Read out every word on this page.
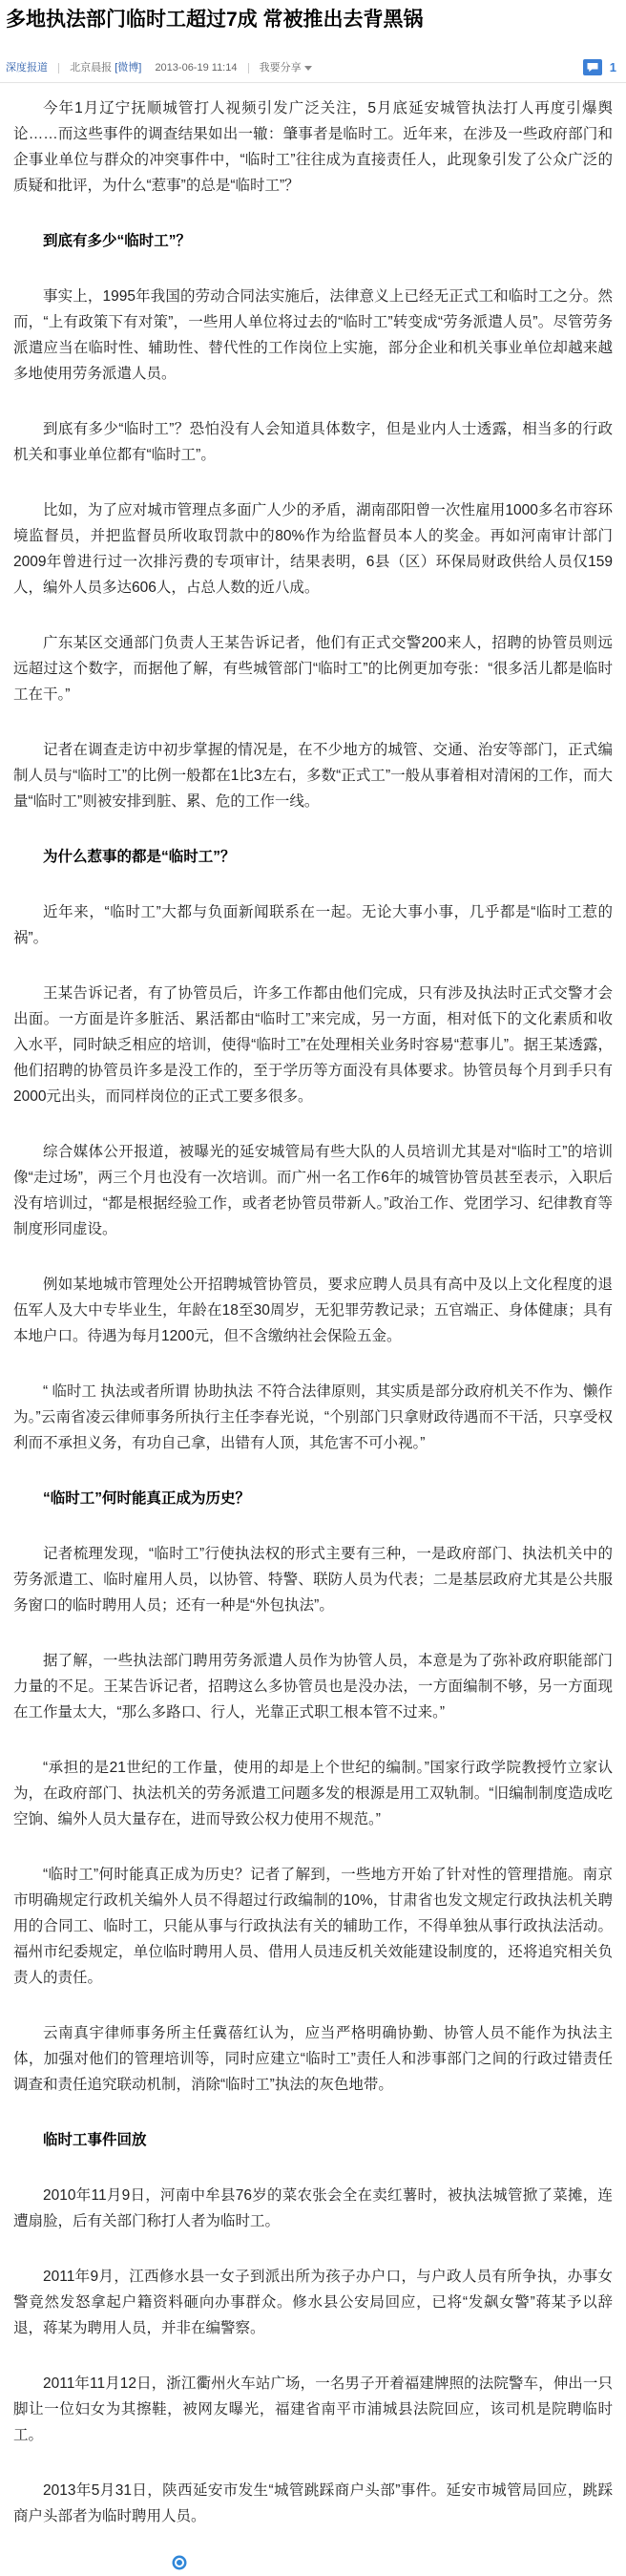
多地执法部门临时工超过7成 常被推出去背黑锅
深度报道 北京晨报 [微博] 2013-06-19 11:14 我要分享	1

今年1月辽宁抚顺城管打人视频引发广泛关注，5月底延安城管执法打人再度引爆舆论……而这些事件的调查结果如出一辙：肇事者是临时工。近年来，在涉及一些政府部门和企事业单位与群众的冲突事件中，“临时工”往往成为直接责任人，此现象引发了公众广泛的质疑和批评，为什么“惹事”的总是“临时工”？

到底有多少“临时工”？

事实上，1995年我国的劳动合同法实施后，法律意义上已经无正式工和临时工之分。然而，“上有政策下有对策”，一些用人单位将过去的“临时工”转变成“劳务派遣人员”。尽管劳务派遣应当在临时性、辅助性、替代性的工作岗位上实施，部分企业和机关事业单位却越来越多地使用劳务派遣人员。

到底有多少“临时工”？恐怕没有人会知道具体数字，但是业内人士透露，相当多的行政机关和事业单位都有“临时工”。

比如，为了应对城市管理点多面广人少的矛盾，湖南邵阳曾一次性雇用1000多名市容环境监督员，并把监督员所收取罚款中的80%作为给监督员本人的奖金。再如河南审计部门2009年曾进行过一次排污费的专项审计，结果表明，6县（区）环保局财政供给人员仅159人，编外人员多达606人，占总人数的近八成。

广东某区交通部门负责人王某告诉记者，他们有正式交警200来人，招聘的协管员则远远超过这个数字，而据他了解，有些城管部门“临时工”的比例更加夸张：“很多活儿都是临时工在干。”

记者在调查走访中初步掌握的情况是，在不少地方的城管、交通、治安等部门，正式编制人员与“临时工”的比例一般都在1比3左右，多数“正式工”一般从事着相对清闲的工作，而大量“临时工”则被安排到脏、累、危的工作一线。

为什么惹事的都是“临时工”？

近年来，“临时工”大都与负面新闻联系在一起。无论大事小事，几乎都是“临时工惹的祸”。

王某告诉记者，有了协管员后，许多工作都由他们完成，只有涉及执法时正式交警才会出面。一方面是许多脏活、累活都由“临时工”来完成，另一方面，相对低下的文化素质和收入水平，同时缺乏相应的培训，使得“临时工”在处理相关业务时容易“惹事儿”。据王某透露，他们招聘的协管员许多是没工作的，至于学历等方面没有具体要求。协管员每个月到手只有2000元出头，而同样岗位的正式工要多很多。

综合媒体公开报道，被曝光的延安城管局有些大队的人员培训尤其是对“临时工”的培训像“走过场”，两三个月也没有一次培训。而广州一名工作6年的城管协管员甚至表示，入职后没有培训过，“都是根据经验工作，或者老协管员带新人。”政治工作、党团学习、纪律教育等制度形同虚设。

例如某地城市管理处公开招聘城管协管员，要求应聘人员具有高中及以上文化程度的退伍军人及大中专毕业生，年龄在18至30周岁，无犯罪劳教记录；五官端正、身体健康；具有本地户口。待遇为每月1200元，但不含缴纳社会保险五金。

“ 临时工 执法或者所谓 协助执法 不符合法律原则，其实质是部分政府机关不作为、懒作为。”云南省凌云律师事务所执行主任李春光说，“个别部门只拿财政待遇而不干活，只享受权利而不承担义务，有功自己拿，出错有人顶，其危害不可小视。”

“临时工”何时能真正成为历史？

记者梳理发现，“临时工”行使执法权的形式主要有三种，一是政府部门、执法机关中的劳务派遣工、临时雇用人员，以协管、特警、联防人员为代表；二是基层政府尤其是公共服务窗口的临时聘用人员；还有一种是“外包执法”。

据了解，一些执法部门聘用劳务派遣人员作为协管人员，本意是为了弥补政府职能部门力量的不足。王某告诉记者，招聘这么多协管员也是没办法，一方面编制不够，另一方面现在工作量太大，“那么多路口、行人，光靠正式职工根本管不过来。”

“承担的是21世纪的工作量，使用的却是上个世纪的编制。”国家行政学院教授竹立家认为，在政府部门、执法机关的劳务派遣工问题多发的根源是用工双轨制。“旧编制制度造成吃空饷、编外人员大量存在，进而导致公权力使用不规范。”

“临时工”何时能真正成为历史？记者了解到，一些地方开始了针对性的管理措施。南京市明确规定行政机关编外人员不得超过行政编制的10%，甘肃省也发文规定行政执法机关聘用的合同工、临时工，只能从事与行政执法有关的辅助工作，不得单独从事行政执法活动。福州市纪委规定，单位临时聘用人员、借用人员违反机关效能建设制度的，还将追究相关负责人的责任。

云南真宇律师事务所主任冀蓓红认为，应当严格明确协勤、协管人员不能作为执法主体，加强对他们的管理培训等，同时应建立“临时工”责任人和涉事部门之间的行政过错责任调查和责任追究联动机制，消除“临时工”执法的灰色地带。

临时工事件回放

2010年11月9日，河南中牟县76岁的菜农张会全在卖红薯时，被执法城管掀了菜摊，连遭扇脸，后有关部门称打人者为临时工。

2011年9月，江西修水县一女子到派出所为孩子办户口，与户政人员有所争执，办事女警竟然发怒拿起户籍资料砸向办事群众。修水县公安局回应，已将“发飙女警”蒋某予以辞退，蒋某为聘用人员，并非在编警察。

2011年11月12日，浙江衢州火车站广场，一名男子开着福建牌照的法院警车，伸出一只脚让一位妇女为其擦鞋，被网友曝光，福建省南平市浦城县法院回应，该司机是院聘临时工。

2013年5月31日，陕西延安市发生“城管跳踩商户头部”事件。延安市城管局回应，跳踩商户头部者为临时聘用人员。
